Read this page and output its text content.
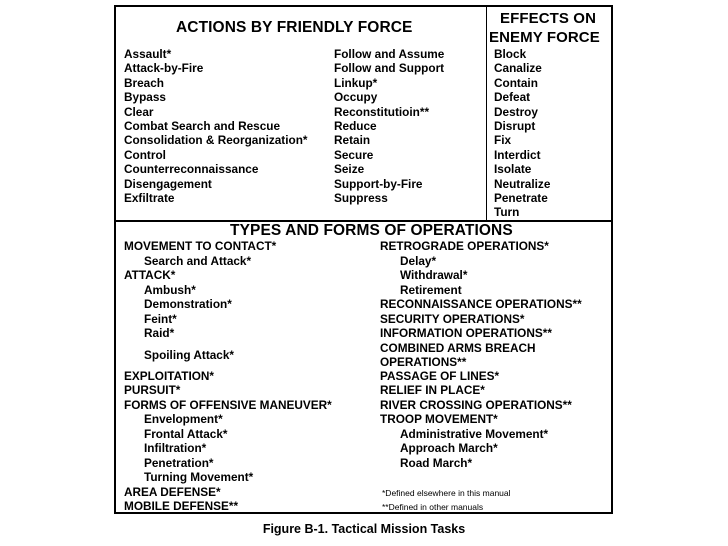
ACTIONS BY FRIENDLY FORCE
EFFECTS ON
ENEMY FORCE
Assault*
Attack-by-Fire
Breach
Bypass
Clear
Combat Search and Rescue
Consolidation & Reorganization*
Control
Counterreconnaissance
Disengagement
Exfiltrate
Follow and Assume
Follow and Support
Linkup*
Occupy
Reconstitutioin**
Reduce
Retain
Secure
Seize
Support-by-Fire
Suppress
Block
Canalize
Contain
Defeat
Destroy
Disrupt
Fix
Interdict
Isolate
Neutralize
Penetrate
Turn
TYPES AND FORMS OF OPERATIONS
MOVEMENT TO CONTACT*
Search and Attack*
ATTACK*
Ambush*
Demonstration*
Feint*
Raid*
Spoiling Attack*
EXPLOITATION*
PURSUIT*
FORMS OF OFFENSIVE MANEUVER*
Envelopment*
Frontal Attack*
Infiltration*
Penetration*
Turning Movement*
AREA DEFENSE*
MOBILE DEFENSE**
RETROGRADE OPERATIONS*
Delay*
Withdrawal*
Retirement
RECONNAISSANCE OPERATIONS**
SECURITY OPERATIONS*
INFORMATION OPERATIONS**
COMBINED ARMS BREACH
OPERATIONS**
PASSAGE OF LINES*
RELIEF IN PLACE*
RIVER CROSSING OPERATIONS**
TROOP MOVEMENT*
Administrative Movement*
Approach March*
Road March*
*Defined elsewhere in this manual
**Defined in other manuals
Figure B-1. Tactical Mission Tasks
